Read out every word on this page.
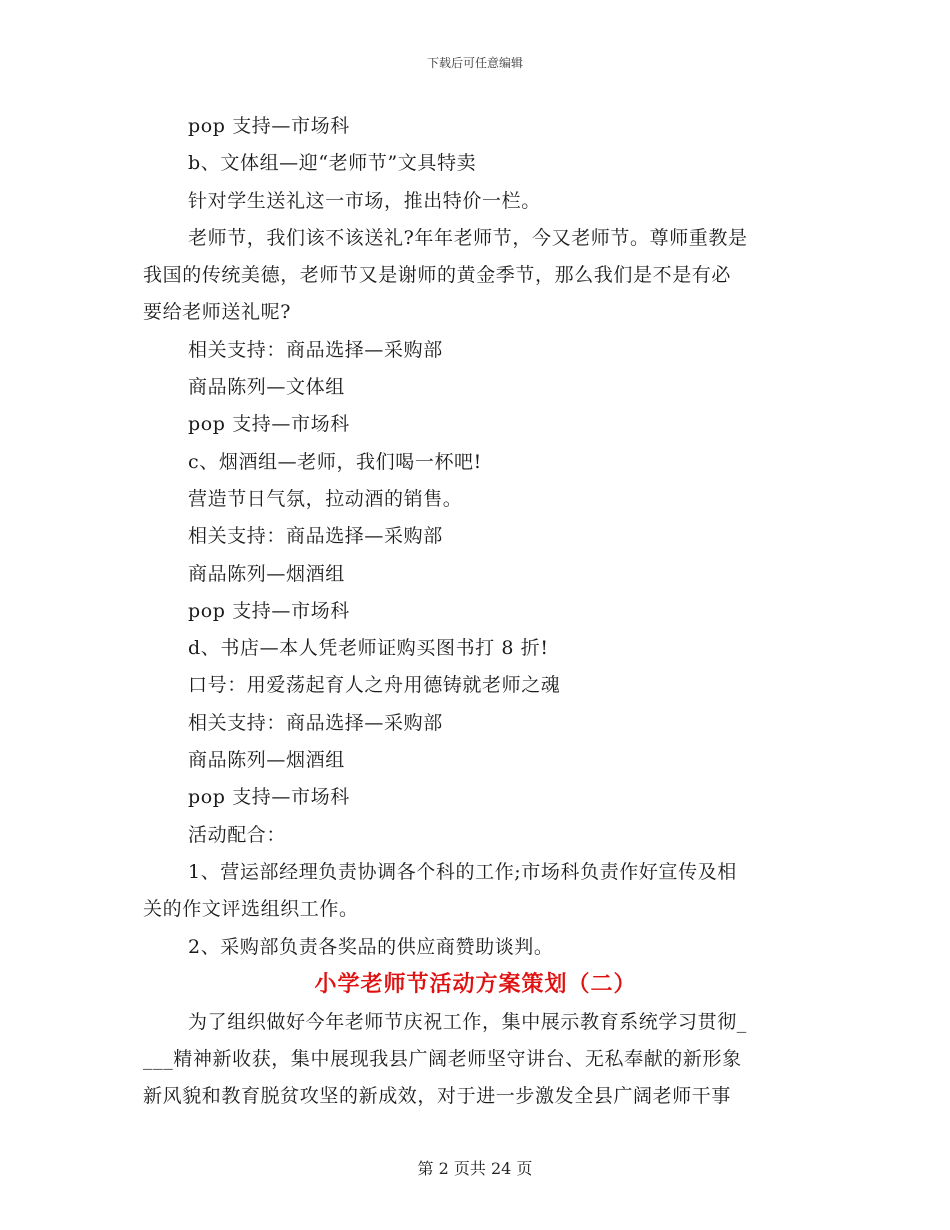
下载后可任意编辑
pop 支持—市场科
b、文体组—迎“老师节”文具特卖
针对学生送礼这一市场，推出特价一栏。
老师节，我们该不该送礼?年年老师节，今又老师节。尊师重教是
我国的传统美德，老师节又是谢师的黄金季节，那么我们是不是有必
要给老师送礼呢?
相关支持：商品选择—采购部
商品陈列—文体组
pop 支持—市场科
c、烟酒组—老师，我们喝一杯吧!
营造节日气氛，拉动酒的销售。
相关支持：商品选择—采购部
商品陈列—烟酒组
pop 支持—市场科
d、书店—本人凭老师证购买图书打 8 折!
口号：用爱荡起育人之舟用德铸就老师之魂
相关支持：商品选择—采购部
商品陈列—烟酒组
pop 支持—市场科
活动配合：
1、营运部经理负责协调各个科的工作;市场科负责作好宣传及相
关的作文评选组织工作。
2、采购部负责各奖品的供应商赞助谈判。
小学老师节活动方案策划（二）
为了组织做好今年老师节庆祝工作，集中展示教育系统学习贯彻_
___精神新收获，集中展现我县广阔老师坚守讲台、无私奉献的新形象
新风貌和教育脱贫攻坚的新成效，对于进一步激发全县广阔老师干事
第 2 页共 24 页
